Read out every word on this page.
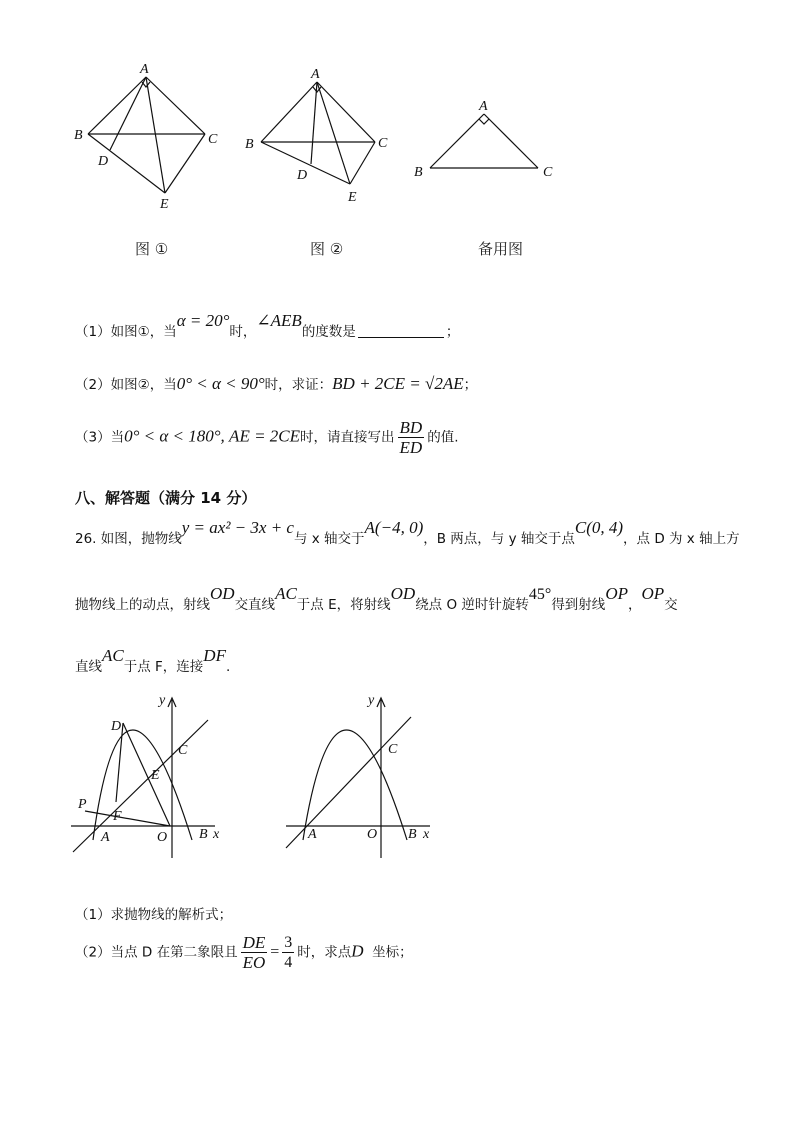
A
B	C
D
E
图 ①
A
B	C
D
E
图 ②
A
B	C
备用图
（1）如图①，当α = 20°时，∠AEB的度数是	；
（2）如图②，当0° < α < 90°时，求证：BD + 2CE = √2AE；
（3）当0° < α < 180°, AE = 2CE时，请直接写出 $\frac{BD}{ED}$ 的值.
八、解答题（满分 14 分）
26. 如图，抛物线y = ax² − 3x + c与 x 轴交于A(−4, 0)，B 两点，与 y 轴交于点C(0, 4)，点 D 为 x 轴上方
抛物线上的动点，射线OD交直线AC于点 E，将射线OD绕点 O 逆时针旋转45°得到射线OP，OP交
直线AC于点 F，连接DF.
y
D
C
E
P
F
A	O B x
y
C
A	O B x
（1）求抛物线的解析式；
（2）当点 D 在第二象限且 $\frac{DE}{EO} = \frac{3}{4}$ 时，求点D 坐标；
